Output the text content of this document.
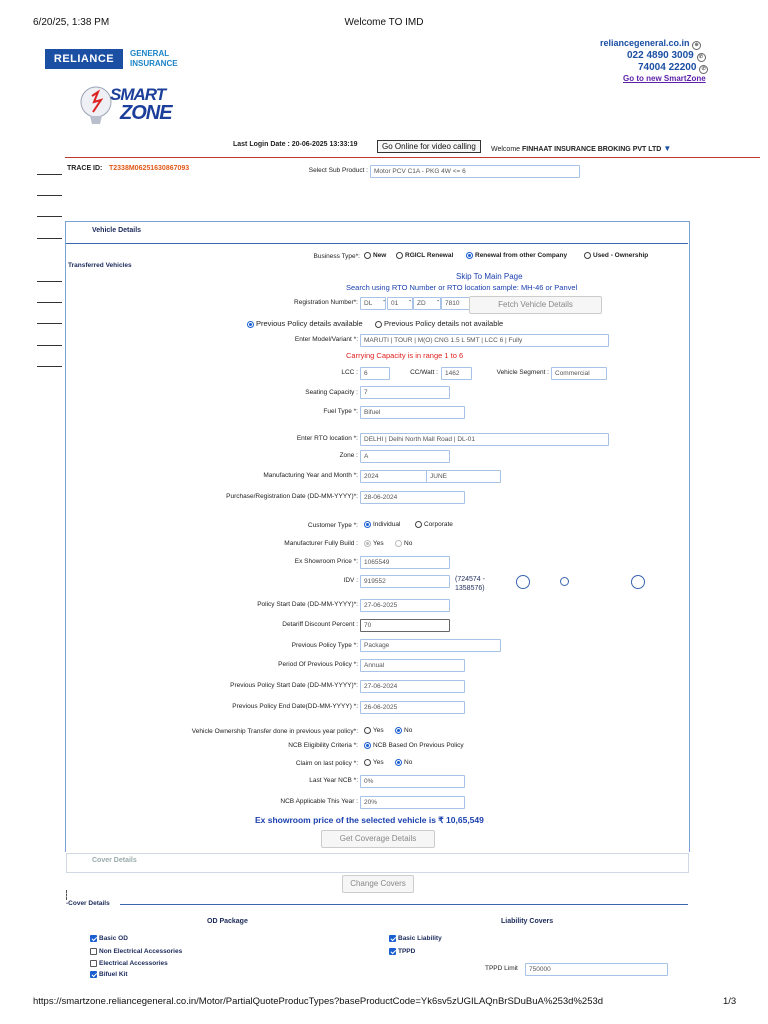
6/20/25, 1:38 PM	Welcome TO IMD
RELIANCE	GENERAL
INSURANCE
SMART
ZONE
reliancegeneral.co.in ⊕
022 4890 3009 ✆
74004 22200 ✆
Go to new SmartZone
Last Login Date : 20-06-2025 13:33:19	Go Online for video calling	Welcome FINHAAT INSURANCE BROKING PVT LTD ▼
TRACE ID: T2338M06251630867093	Select Sub Product : Motor PCV C1A - PKG 4W <= 6
Vehicle Details
Transferred Vehicles
Business Type*:	New	RGICL Renewal	Renewal from other Company	Used - Ownership
Skip To Main Page
Search using RTO Number or RTO location sample: MH-46 or Panvel
Registration Number*: DL	- 01	- ZD	- 7810	Fetch Vehicle Details
Previous Policy details available	Previous Policy details not available
Enter Model/Variant *: MARUTI | TOUR | M(O) CNG 1.5 L 5MT | LCC 6 | Fully
Carrying Capacity is in range 1 to 6
LCC : 6	CC/Watt :	1462	Vehicle Segment : Commercial
Seating Capacity : 7
Fuel Type *: Bifuel
Enter RTO location *: DELHI | Delhi North Mall Road | DL-01
Zone : A
Manufacturing Year and Month *: 2024	JUNE
Purchase/Registration Date (DD-MM-YYYY)*: 28-06-2024
Customer Type *:	Individual	Corporate
Manufacturer Fully Build :	Yes	No
Ex Showroom Price *: 1065549
IDV : 919552	(724574 - 1358576)
Policy Start Date (DD-MM-YYYY)*: 27-06-2025
Detariff Discount Percent : 70
Previous Policy Type *: Package
Period Of Previous Policy *: Annual
Previous Policy Start Date (DD-MM-YYYY)*: 27-06-2024
Previous Policy End Date(DD-MM-YYYY) *: 26-06-2025
Vehicle Ownership Transfer done in previous year policy*:	Yes	No
NCB Eligibility Criteria *:	NCB Based On Previous Policy
Claim on last policy *:	Yes	No
Last Year NCB *: 0%
NCB Applicable This Year : 20%
Ex showroom price of the selected vehicle is ₹ 10,65,549
Get Coverage Details
Cover Details
Change Covers
-Cover Details
OD Package	Liability Covers
Basic OD
Non Electrical Accessories
Electrical Accessories
Bifuel Kit
Basic Liability
TPPD
TPPD Limit	750000
https://smartzone.reliancegeneral.co.in/Motor/PartialQuoteProducTypes?baseProductCode=Yk6sv5zUGILAQnBrSDuBuA%253d%253d	1/3
